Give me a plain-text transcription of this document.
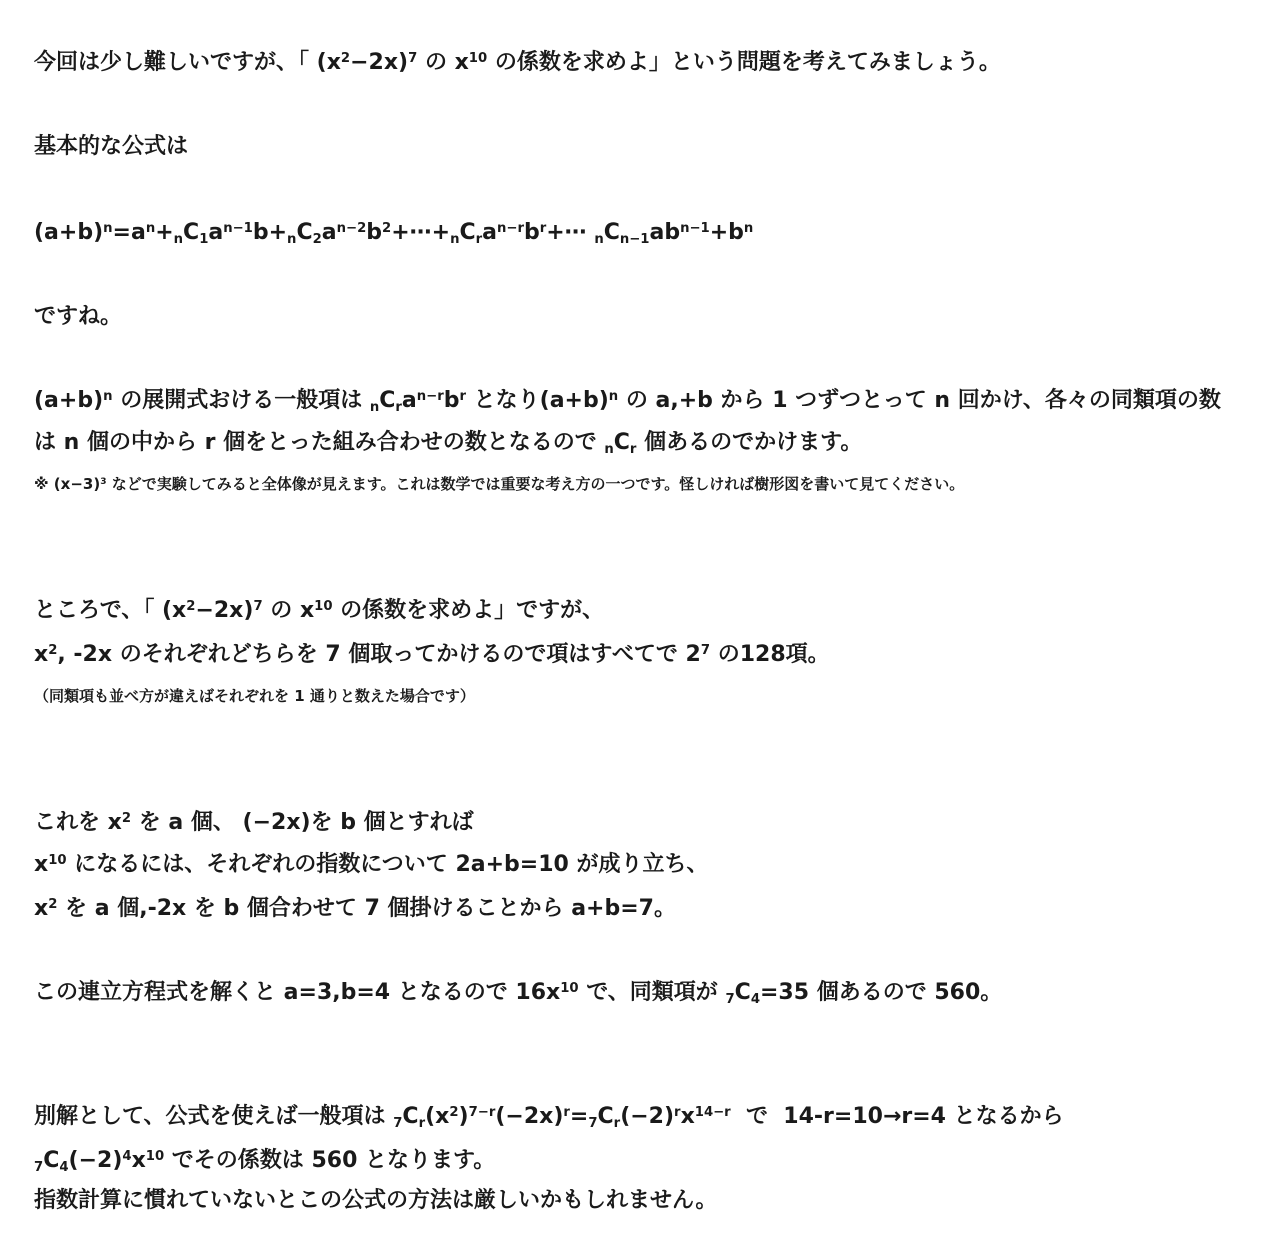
今回は少し難しいですが、「 $(x^2-2x)^7$ の $x^{10}$ の係数を求めよ」という問題を考えてみましょう。
基本的な公式は
$(a+b)^n=a^n+_nC_1a^{n-1}b+_nC_2a^{n-2}b^2+\cdots+_nC_ra^{n-r}b^r+\cdots$ $_nC_{n-1}ab^{n-1}+b^n$
ですね。
$(a+b)^n$ の展開式おける一般項は $_nC_ra^{n-r}b^r$ となり$(a+b)^n$ の a,+b から 1 つずつとって n 回かけ、各々の同類項の数
は n 個の中から r 個をとった組み合わせの数となるので $_nC_r$ 個あるのでかけます。
※ $(x-3)^3$ などで実験してみると全体像が見えます。これは数学では重要な考え方の一つです。怪しければ樹形図を書いて見てください。
ところで、「 $(x^2-2x)^7$ の $x^{10}$ の係数を求めよ」ですが、
$x^2$, -2x のそれぞれどちらを 7 個取ってかけるので項はすべてで $2^7$ の128項。
（同類項も並べ方が違えばそれぞれを 1 通りと数えた場合です）
これを $x^2$ を a 個、 (−2x)を b 個とすれば
$x^{10}$ になるには、それぞれの指数について 2a+b=10 が成り立ち、
$x^2$ を a 個,-2x を b 個合わせて 7 個掛けることから a+b=7。
この連立方程式を解くと a=3,b=4 となるので $16x^{10}$ で、同類項が $_7C_4=35$ 個あるので 560。
別解として、公式を使えば一般項は $_7C_r(x^2)^{7-r}(-2x)^r=_7C_r(-2)^rx^{14-r}$  で  14-r=10→r=4 となるから
$_7C_4(-2)^4x^{10}$ でその係数は 560 となります。
指数計算に慣れていないとこの公式の方法は厳しいかもしれません。
